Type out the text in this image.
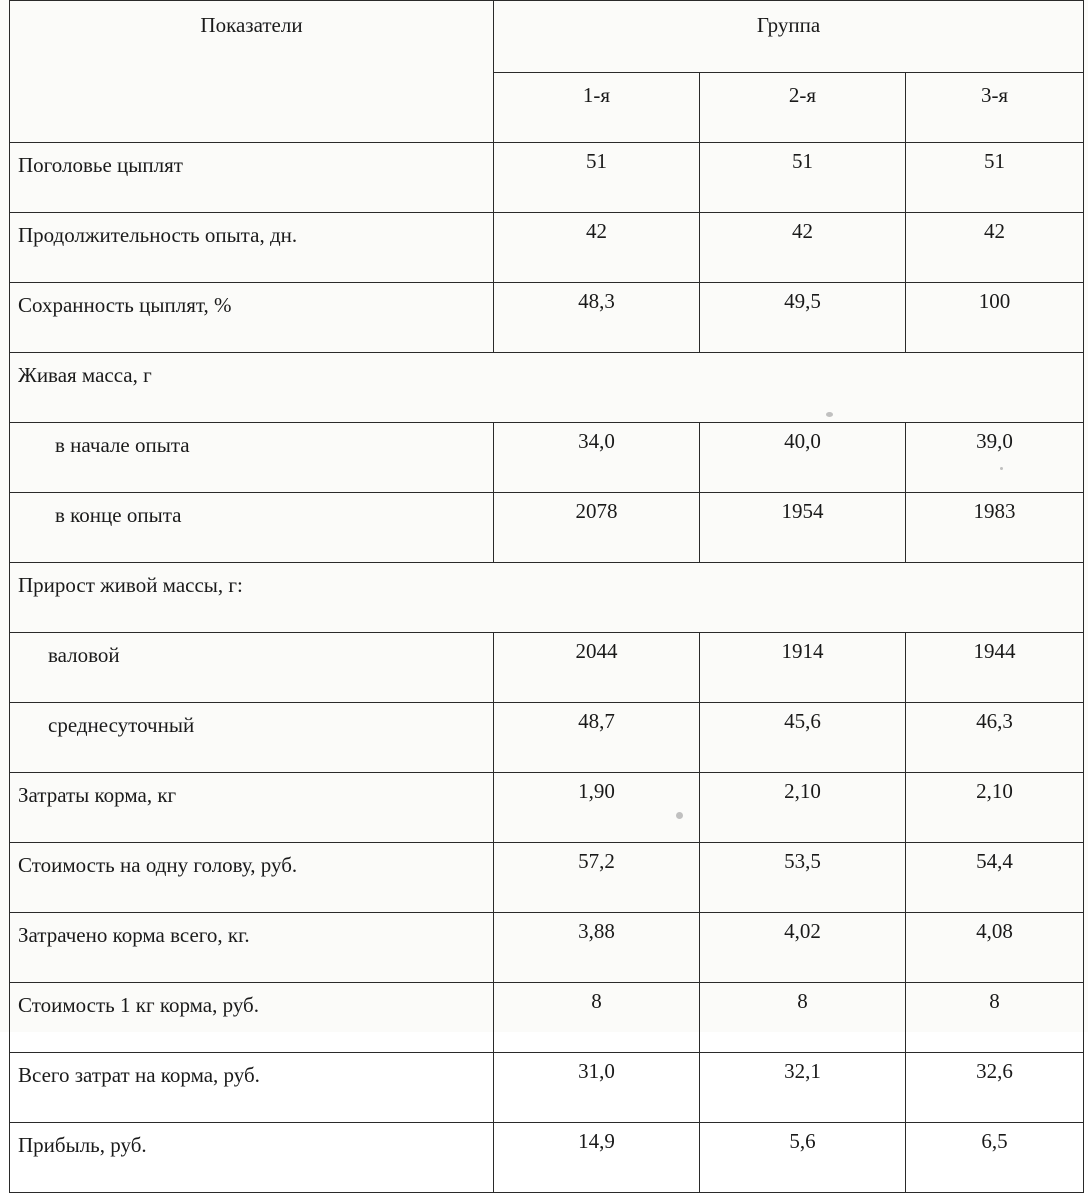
Показатели	Группа		
	1-я	2-я	3-я
Поголовье цыплят	51	51	51
Продолжительность опыта, дн.	42	42	42
Сохранность цыплят, %	48,3	49,5	100
Живая масса, г			
в начале опыта	34,0	40,0	39,0
в конце опыта	2078	1954	1983
Прирост живой массы, г:			
валовой	2044	1914	1944
среднесуточный	48,7	45,6	46,3
Затраты корма, кг	1,90	2,10	2,10
Стоимость на одну голову, руб.	57,2	53,5	54,4
Затрачено корма всего, кг.	3,88	4,02	4,08
Стоимость 1 кг корма, руб.	8	8	8
Всего затрат на корма, руб.	31,0	32,1	32,6
Прибыль, руб.	14,9	5,6	6,5
